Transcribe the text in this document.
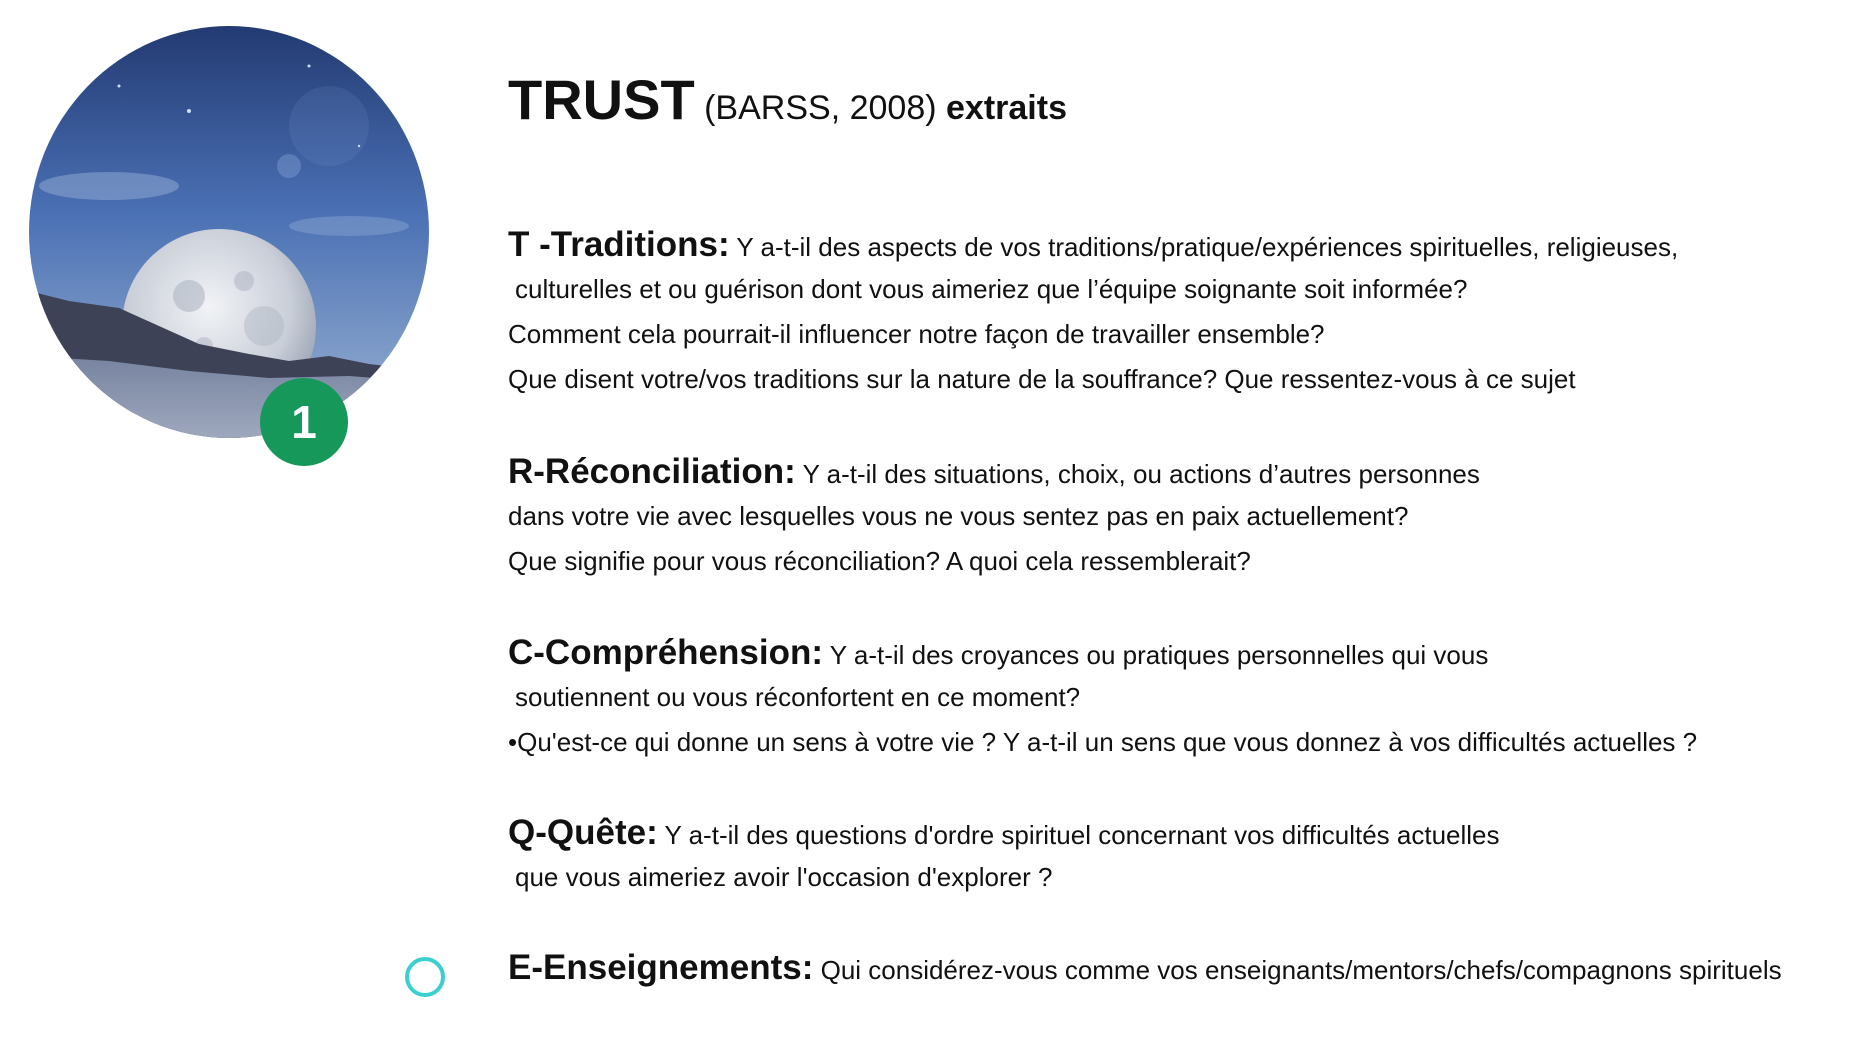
1
TRUST (BARSS, 2008) extraits
T -Traditions: Y a-t-il des aspects de vos traditions/pratique/expériences spirituelles, religieuses,
culturelles et ou guérison dont vous aimeriez que l’équipe soignante soit informée?
Comment cela pourrait-il influencer notre façon de travailler ensemble?
Que disent votre/vos traditions sur la nature de la souffrance? Que ressentez-vous à ce sujet
R-Réconciliation: Y a-t-il des situations, choix, ou actions d’autres personnes
dans votre vie avec lesquelles vous ne vous sentez pas en paix actuellement?
Que signifie pour vous réconciliation? A quoi cela ressemblerait?
C-Compréhension: Y a-t-il des croyances ou pratiques personnelles qui vous
soutiennent ou vous réconfortent en ce moment?
•Qu'est-ce qui donne un sens à votre vie ? Y a-t-il un sens que vous donnez à vos difficultés actuelles ?
Q-Quête: Y a-t-il des questions d'ordre spirituel concernant vos difficultés actuelles
que vous aimeriez avoir l'occasion d'explorer ?
E-Enseignements: Qui considérez-vous comme vos enseignants/mentors/chefs/compagnons spirituels
